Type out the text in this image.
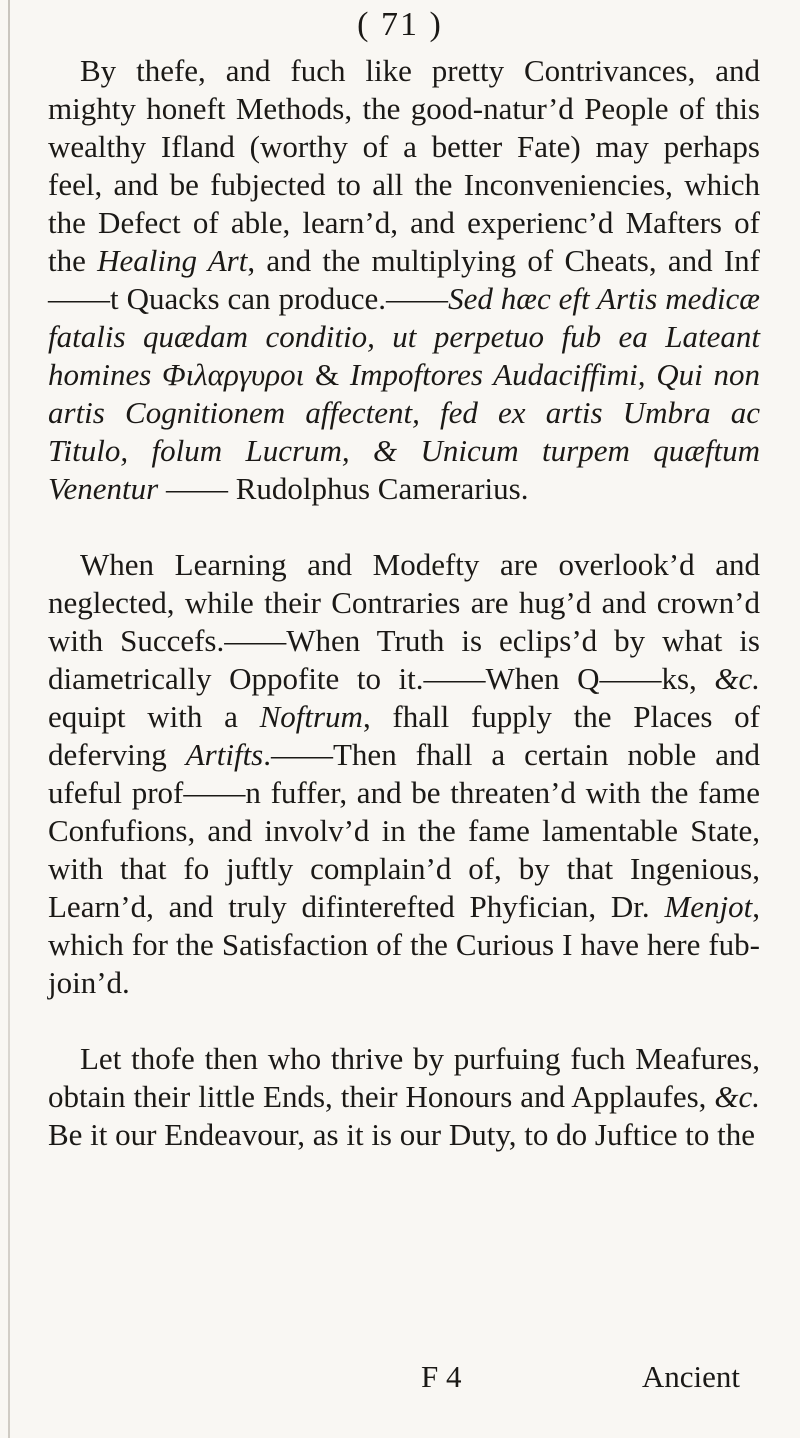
( 71 )

By thefe, and fuch like pretty Contrivances, and mighty honeft Methods, the good-natur’d People of this wealthy Ifland (worthy of a better Fate) may perhaps feel, and be fubjected to all the Inconveniencies, which the Defect of able, learn’d, and experienc’d Mafters of the Healing Art, and the multiplying of Cheats, and Inf——t Quacks can produce.——Sed hæc eft Artis medicæ fatalis quædam conditio, ut perpetuo fub ea Lateant homines Φιλαργυροι & Impoftores Audaciffimi, Qui non artis Cognitionem affectent, fed ex artis Umbra ac Titulo, folum Lucrum, & Unicum turpem quæftum Venentur —— Rudolphus Camerarius.

When Learning and Modefty are overlook’d and neglected, while their Contraries are hug’d and crown’d with Succefs.——When Truth is eclips’d by what is diametrically Oppofite to it.——When Q——ks, &c. equipt with a Noftrum, fhall fupply the Places of deferving Artifts.——Then fhall a certain noble and ufeful prof——n fuffer, and be threaten’d with the fame Confufions, and involv’d in the fame lamentable State, with that fo juftly complain’d of, by that Ingenious, Learn’d, and truly difinterefted Phyfician, Dr. Menjot, which for the Satisfaction of the Curious I have here fubjoin’d.

Let thofe then who thrive by purfuing fuch Meafures, obtain their little Ends, their Honours and Applaufes, &c. Be it our Endeavour, as it is our Duty, to do Juftice to the

F 4	Ancient
